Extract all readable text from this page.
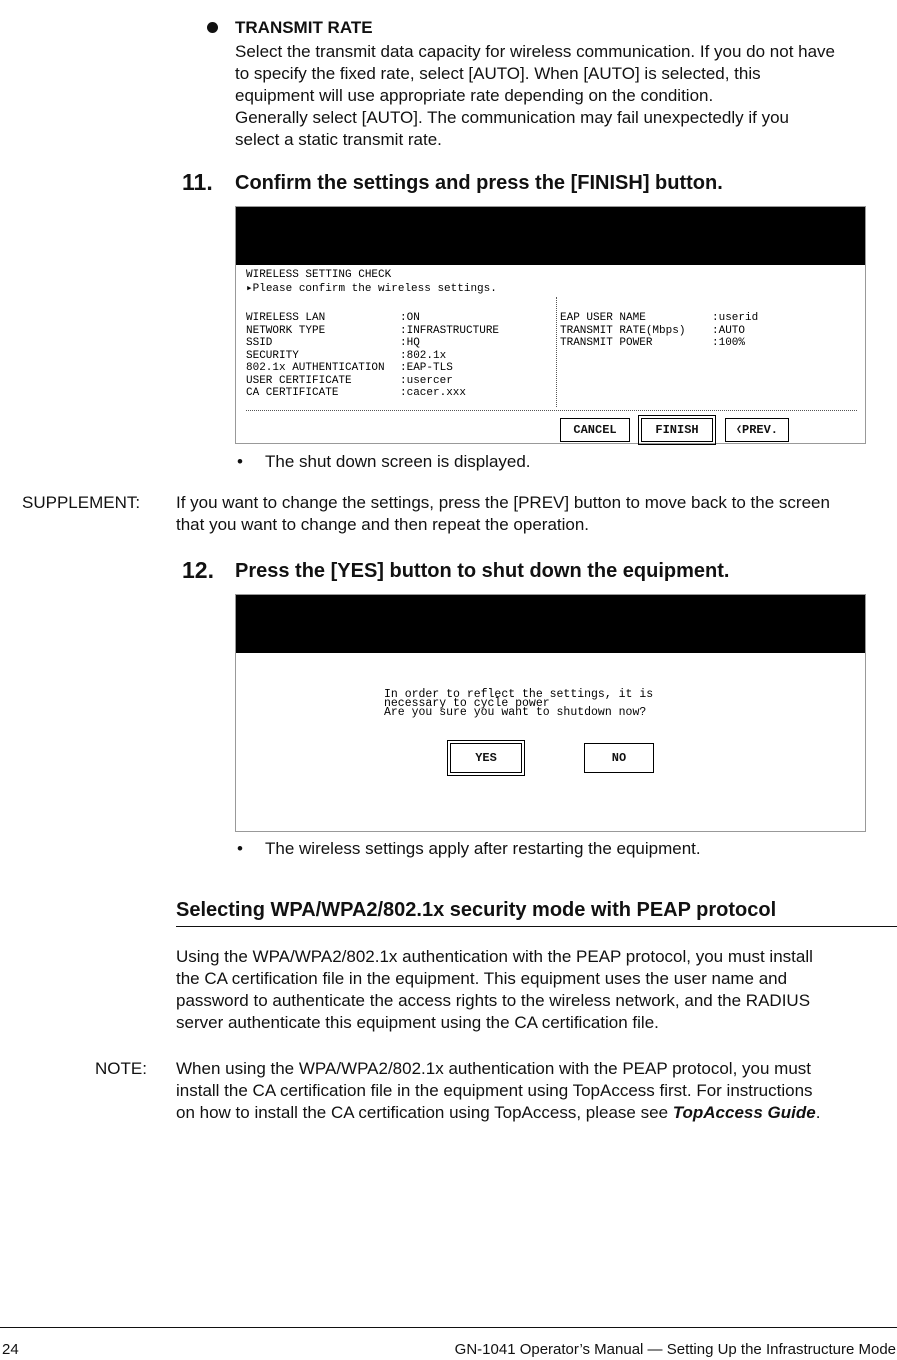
TRANSMIT RATE
Select the transmit data capacity for wireless communication. If you do not have
to specify the fixed rate, select [AUTO]. When [AUTO] is selected, this
equipment will use appropriate rate depending on the condition.
Generally select [AUTO]. The communication may fail unexpectedly if you
select a static transmit rate.
11. Confirm the settings and press the [FINISH] button.
WIRELESS SETTING CHECK
▸Please confirm the wireless settings.
WIRELESS LAN	:ON
NETWORK TYPE	:INFRASTRUCTURE
SSID	:HQ
SECURITY	:802.1x
802.1x AUTHENTICATION	:EAP-TLS
USER CERTIFICATE	:usercer
CA CERTIFICATE	:cacer.xxx
EAP USER NAME	:userid
TRANSMIT RATE(Mbps)	:AUTO
TRANSMIT POWER	:100%
CANCEL	FINISH	❮ PREV.
• The shut down screen is displayed.
SUPPLEMENT: If you want to change the settings, press the [PREV] button to move back to the screen
that you want to change and then repeat the operation.
12. Press the [YES] button to shut down the equipment.
In order to reflect the settings, it is
necessary to cycle power
Are you sure you want to shutdown now?
YES	NO
• The wireless settings apply after restarting the equipment.
Selecting WPA/WPA2/802.1x security mode with PEAP protocol
Using the WPA/WPA2/802.1x authentication with the PEAP protocol, you must install
the CA certification file in the equipment. This equipment uses the user name and
password to authenticate the access rights to the wireless network, and the RADIUS
server authenticate this equipment using the CA certification file.
NOTE: When using the WPA/WPA2/802.1x authentication with the PEAP protocol, you must
install the CA certification file in the equipment using TopAccess first. For instructions
on how to install the CA certification using TopAccess, please see TopAccess Guide.
24	GN-1041 Operator’s Manual — Setting Up the Infrastructure Mode
